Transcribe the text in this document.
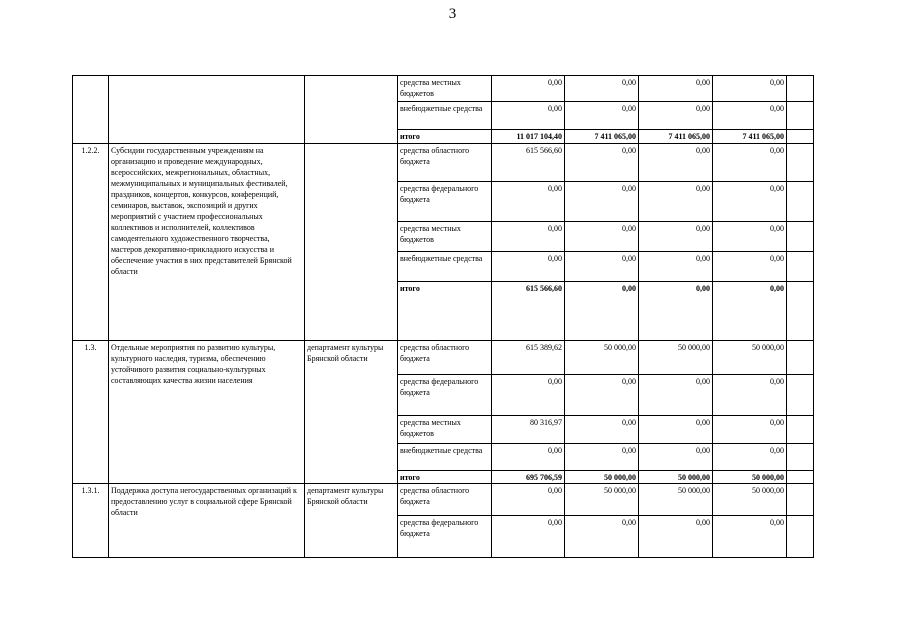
3
			средства местных бюджетов	0,00	0,00	0,00	0,00	
			внебюджетные средства	0,00	0,00	0,00	0,00	
			итого	11 017 104,40	7 411 065,00	7 411 065,00	7 411 065,00	
1.2.2.	Субсидии государственным учреждениям на организацию и проведение международных, всероссийских, межрегиональных, областных, межмуниципальных и муниципальных фестивалей, праздников, концертов, конкурсов, конференций, семинаров, выставок, экспозиций и других мероприятий с участием профессиональных коллективов и исполнителей, коллективов самодеятельного художественного творчества, мастеров декоративно-прикладного искусства и обеспечение участия в них представителей Брянской области		средства областного бюджета	615 566,60	0,00	0,00	0,00	
			средства федерального бюджета	0,00	0,00	0,00	0,00	
			средства местных бюджетов	0,00	0,00	0,00	0,00	
			внебюджетные средства	0,00	0,00	0,00	0,00	
			итого	615 566,60	0,00	0,00	0,00	
1.3.	Отдельные мероприятия по развитию культуры, культурного наследия, туризма, обеспечению устойчивого развития социально-культурных составляющих качества жизни населения	департамент культуры Брянской области	средства областного бюджета	615 389,62	50 000,00	50 000,00	50 000,00	
			средства федерального бюджета	0,00	0,00	0,00	0,00	
			средства местных бюджетов	80 316,97	0,00	0,00	0,00	
			внебюджетные средства	0,00	0,00	0,00	0,00	
			итого	695 706,59	50 000,00	50 000,00	50 000,00	
1.3.1.	Поддержка доступа негосударственных организаций к предоставлению услуг в социальной сфере Брянской области	департамент культуры Брянской области	средства областного бюджета	0,00	50 000,00	50 000,00	50 000,00	
			средства федерального бюджета	0,00	0,00	0,00	0,00	
